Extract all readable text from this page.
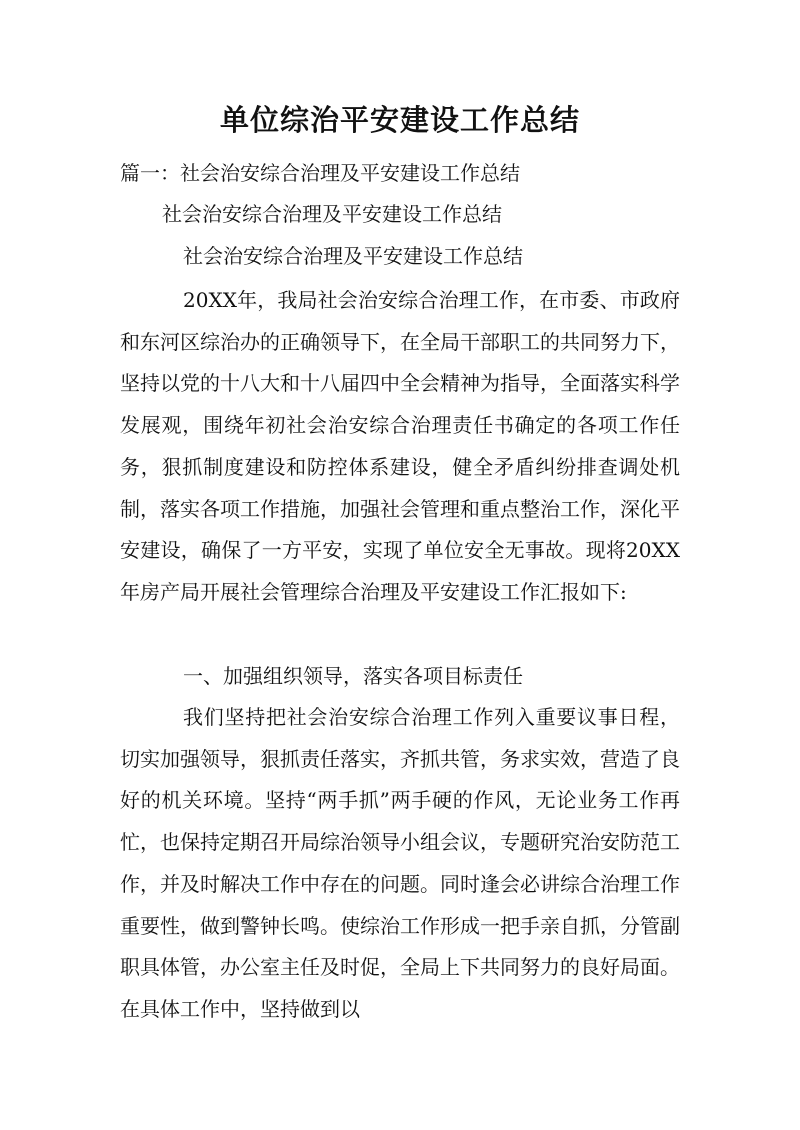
单位综治平安建设工作总结

篇一：社会治安综合治理及平安建设工作总结

社会治安综合治理及平安建设工作总结

社会治安综合治理及平安建设工作总结

20XX年，我局社会治安综合治理工作，在市委、市政府和东河区综治办的正确领导下，在全局干部职工的共同努力下，坚持以党的十八大和十八届四中全会精神为指导，全面落实科学发展观，围绕年初社会治安综合治理责任书确定的各项工作任务，狠抓制度建设和防控体系建设，健全矛盾纠纷排查调处机制，落实各项工作措施，加强社会管理和重点整治工作，深化平安建设，确保了一方平安，实现了单位安全无事故。现将20XX年房产局开展社会管理综合治理及平安建设工作汇报如下:

一、加强组织领导，落实各项目标责任

我们坚持把社会治安综合治理工作列入重要议事日程，切实加强领导，狠抓责任落实，齐抓共管，务求实效，营造了良好的机关环境。坚持“两手抓”两手硬的作风，无论业务工作再忙，也保持定期召开局综治领导小组会议，专题研究治安防范工作，并及时解决工作中存在的问题。同时逢会必讲综合治理工作重要性，做到警钟长鸣。使综治工作形成一把手亲自抓，分管副职具体管，办公室主任及时促，全局上下共同努力的良好局面。在具体工作中，坚持做到以
